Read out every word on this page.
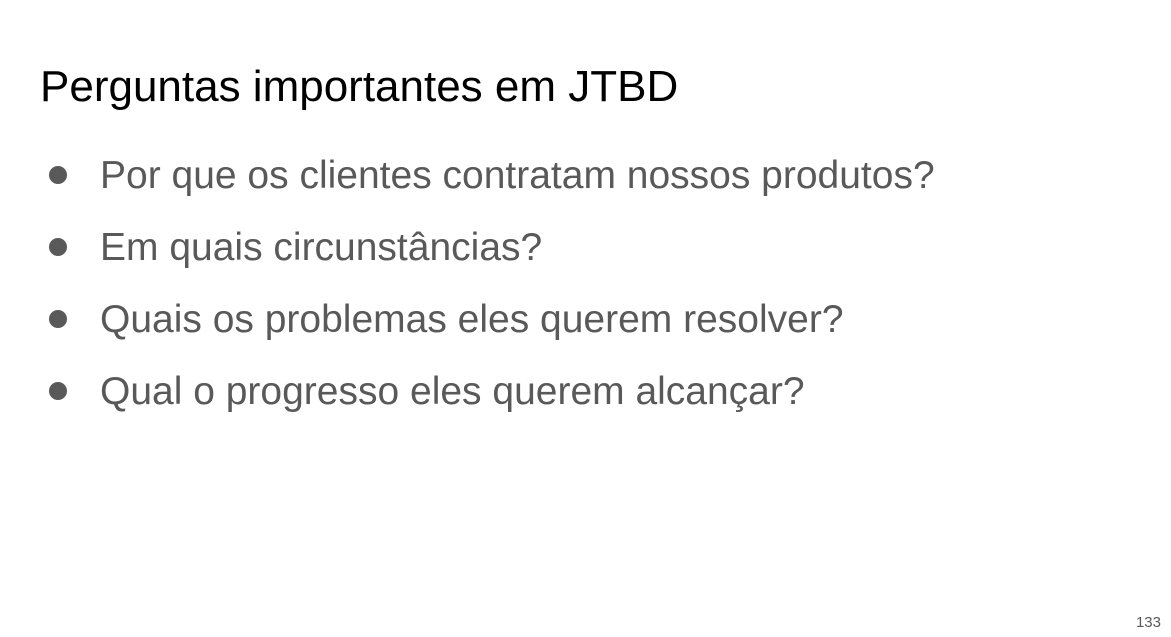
Perguntas importantes em JTBD
Por que os clientes contratam nossos produtos?
Em quais circunstâncias?
Quais os problemas eles querem resolver?
Qual o progresso eles querem alcançar?
133
